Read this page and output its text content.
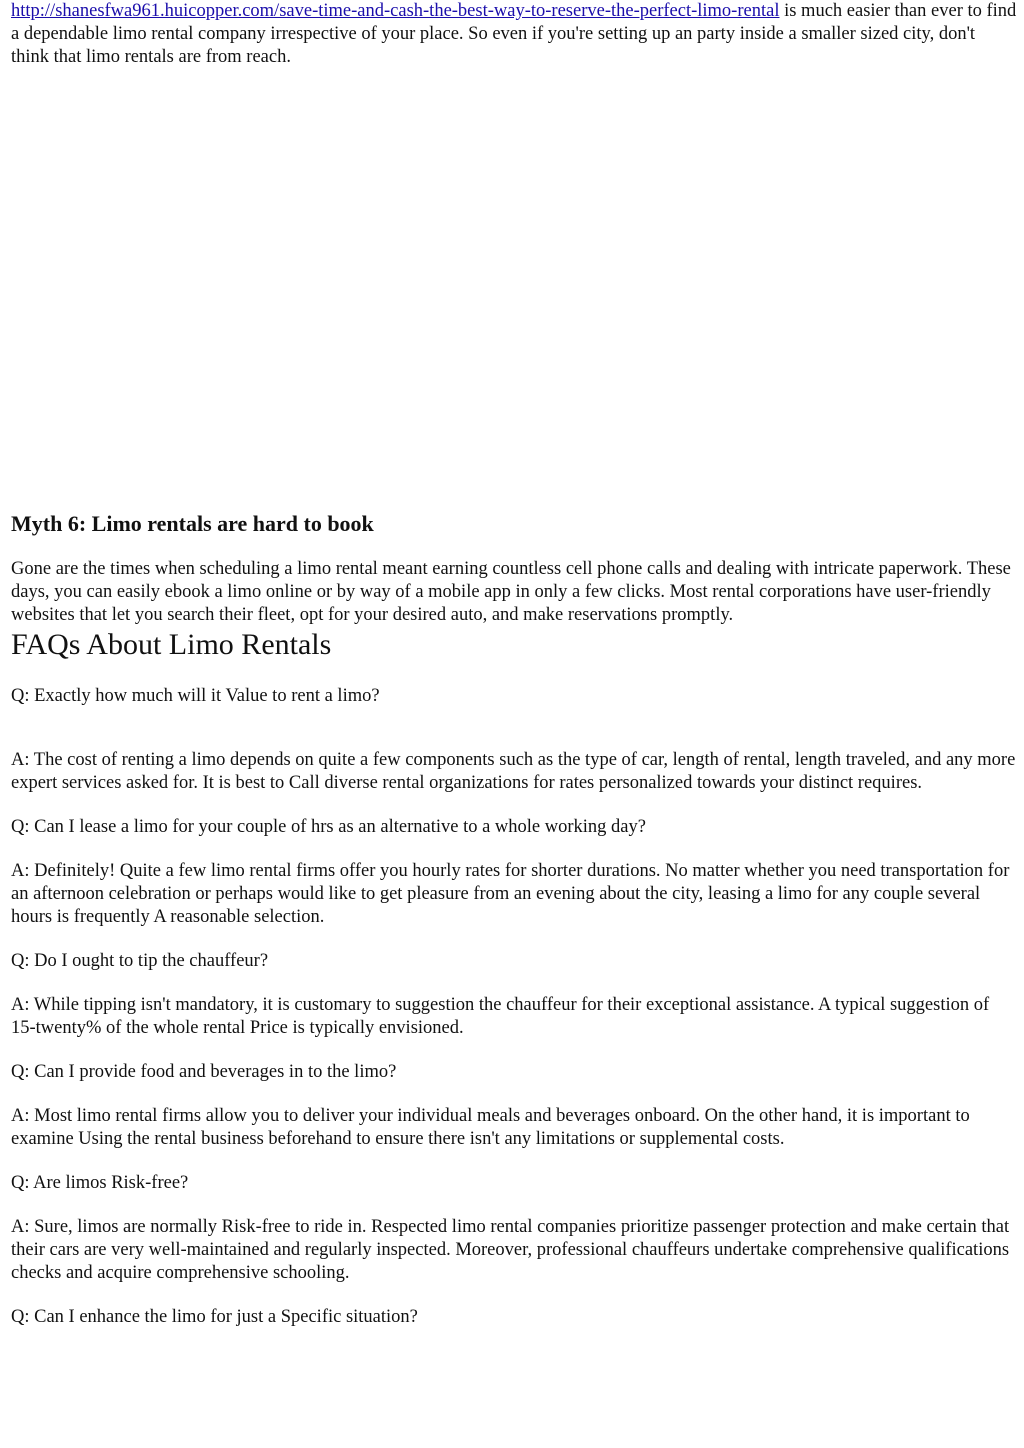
http://shanesfwa961.huicopper.com/save-time-and-cash-the-best-way-to-reserve-the-perfect-limo-rental is much easier than ever to find a dependable limo rental company irrespective of your place. So even if you're setting up an party inside a smaller sized city, don't think that limo rentals are from reach.

Myth 6: Limo rentals are hard to book

Gone are the times when scheduling a limo rental meant earning countless cell phone calls and dealing with intricate paperwork. These days, you can easily ebook a limo online or by way of a mobile app in only a few clicks. Most rental corporations have user-friendly websites that let you search their fleet, opt for your desired auto, and make reservations promptly.

FAQs About Limo Rentals

Q: Exactly how much will it Value to rent a limo?

A: The cost of renting a limo depends on quite a few components such as the type of car, length of rental, length traveled, and any more expert services asked for. It is best to Call diverse rental organizations for rates personalized towards your distinct requires.

Q: Can I lease a limo for your couple of hrs as an alternative to a whole working day?

A: Definitely! Quite a few limo rental firms offer you hourly rates for shorter durations. No matter whether you need transportation for an afternoon celebration or perhaps would like to get pleasure from an evening about the city, leasing a limo for any couple several hours is frequently A reasonable selection.

Q: Do I ought to tip the chauffeur?

A: While tipping isn't mandatory, it is customary to suggestion the chauffeur for their exceptional assistance. A typical suggestion of 15-twenty% of the whole rental Price is typically envisioned.

Q: Can I provide food and beverages in to the limo?

A: Most limo rental firms allow you to deliver your individual meals and beverages onboard. On the other hand, it is important to examine Using the rental business beforehand to ensure there isn't any limitations or supplemental costs.

Q: Are limos Risk-free?

A: Sure, limos are normally Risk-free to ride in. Respected limo rental companies prioritize passenger protection and make certain that their cars are very well-maintained and regularly inspected. Moreover, professional chauffeurs undertake comprehensive qualifications checks and acquire comprehensive schooling.

Q: Can I enhance the limo for just a Specific situation?
